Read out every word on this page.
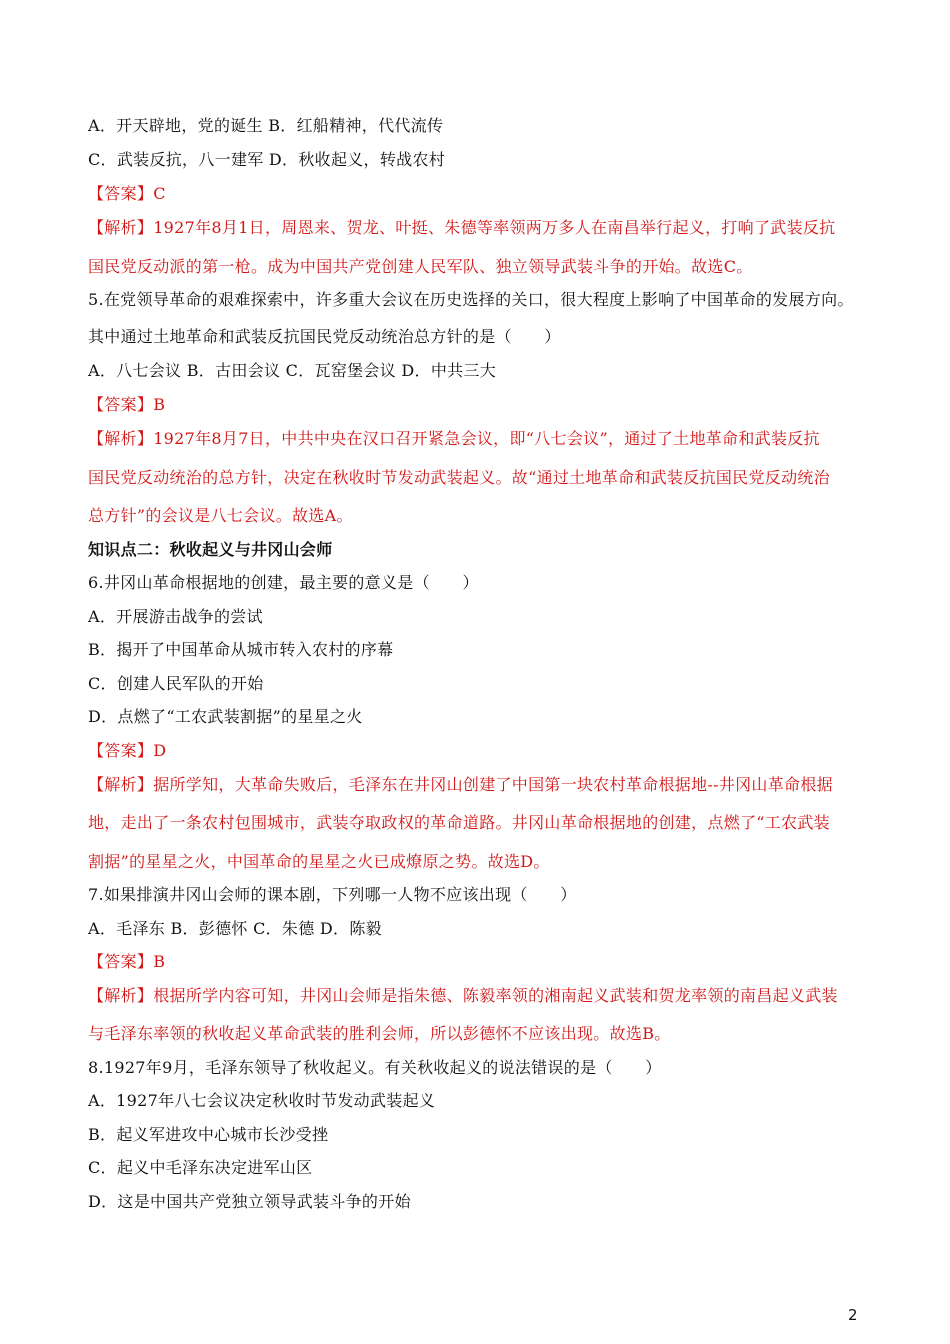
A．开天辟地，党的诞生 B．红船精神，代代流传
C．武装反抗，八一建军 D．秋收起义，转战农村
【答案】C
【解析】1927年8月1日，周恩来、贺龙、叶挺、朱德等率领两万多人在南昌举行起义，打响了武装反抗
国民党反动派的第一枪。成为中国共产党创建人民军队、独立领导武装斗争的开始。故选C。
5.在党领导革命的艰难探索中，许多重大会议在历史选择的关口，很大程度上影响了中国革命的发展方向。
其中通过土地革命和武装反抗国民党反动统治总方针的是（　　）
A．八七会议 B．古田会议 C．瓦窑堡会议 D．中共三大
【答案】B
【解析】1927年8月7日，中共中央在汉口召开紧急会议，即“八七会议”，通过了土地革命和武装反抗
国民党反动统治的总方针，决定在秋收时节发动武装起义。故“通过土地革命和武装反抗国民党反动统治
总方针”的会议是八七会议。故选A。
知识点二：秋收起义与井冈山会师
6.井冈山革命根据地的创建，最主要的意义是（　　）
A．开展游击战争的尝试
B．揭开了中国革命从城市转入农村的序幕
C．创建人民军队的开始
D．点燃了“工农武装割据”的星星之火
【答案】D
【解析】据所学知，大革命失败后，毛泽东在井冈山创建了中国第一块农村革命根据地--井冈山革命根据
地，走出了一条农村包围城市，武装夺取政权的革命道路。井冈山革命根据地的创建，点燃了“工农武装
割据”的星星之火，中国革命的星星之火已成燎原之势。故选D。
7.如果排演井冈山会师的课本剧，下列哪一人物不应该出现（　　）
A．毛泽东 B．彭德怀 C．朱德 D．陈毅
【答案】B
【解析】根据所学内容可知，井冈山会师是指朱德、陈毅率领的湘南起义武装和贺龙率领的南昌起义武装
与毛泽东率领的秋收起义革命武装的胜利会师，所以彭德怀不应该出现。故选B。
8.1927年9月，毛泽东领导了秋收起义。有关秋收起义的说法错误的是（　　）
A．1927年八七会议决定秋收时节发动武装起义
B．起义军进攻中心城市长沙受挫
C．起义中毛泽东决定进军山区
D．这是中国共产党独立领导武装斗争的开始
2
